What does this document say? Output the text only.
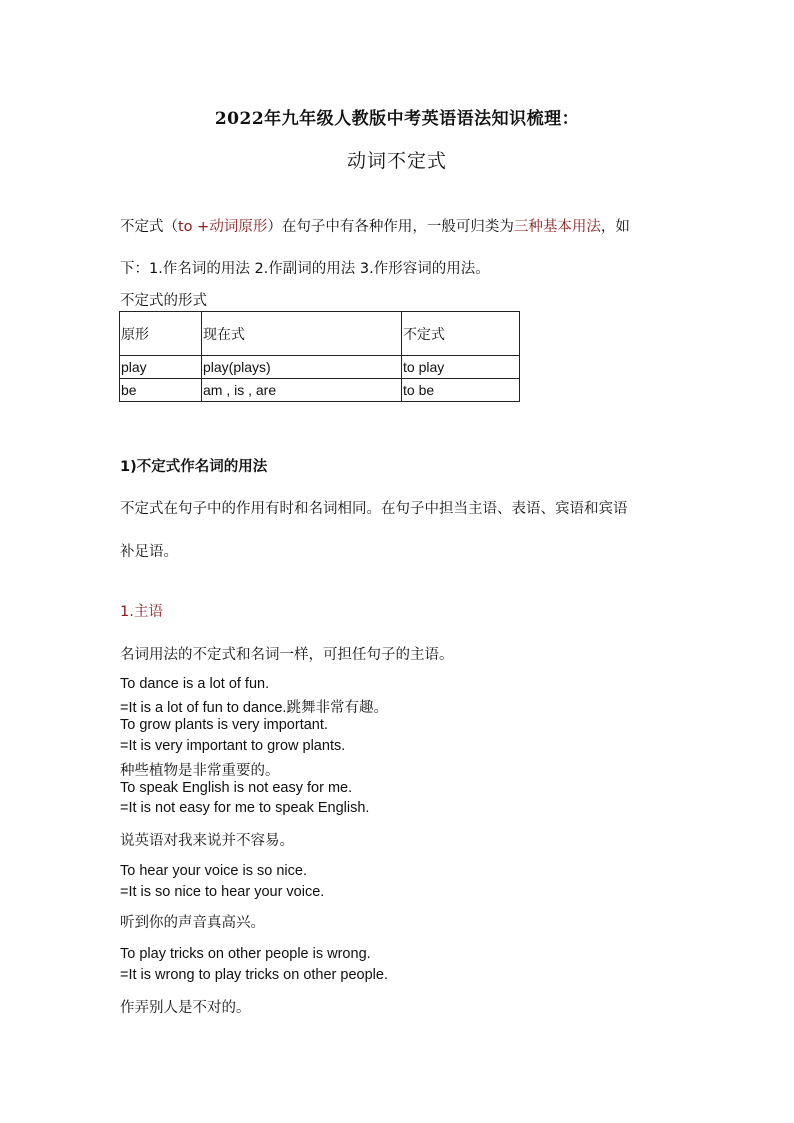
2022年九年级人教版中考英语语法知识梳理：
动词不定式
不定式（to +动词原形）在句子中有各种作用，一般可归类为三种基本用法，如
下：1.作名词的用法 2.作副词的用法 3.作形容词的用法。
不定式的形式
原形	现在式	不定式
play	play(plays)	to play
be	am , is , are	to be
1)不定式作名词的用法
不定式在句子中的作用有时和名词相同。在句子中担当主语、表语、宾语和宾语
补足语。
1.主语
名词用法的不定式和名词一样，可担任句子的主语。
To dance is a lot of fun.
=It is a lot of fun to dance.跳舞非常有趣。
To grow plants is very important.
=It is very important to grow plants.
种些植物是非常重要的。
To speak English is not easy for me.
=It is not easy for me to speak English.
说英语对我来说并不容易。
To hear your voice is so nice.
=It is so nice to hear your voice.
听到你的声音真高兴。
To play tricks on other people is wrong.
=It is wrong to play tricks on other people.
作弄别人是不对的。
